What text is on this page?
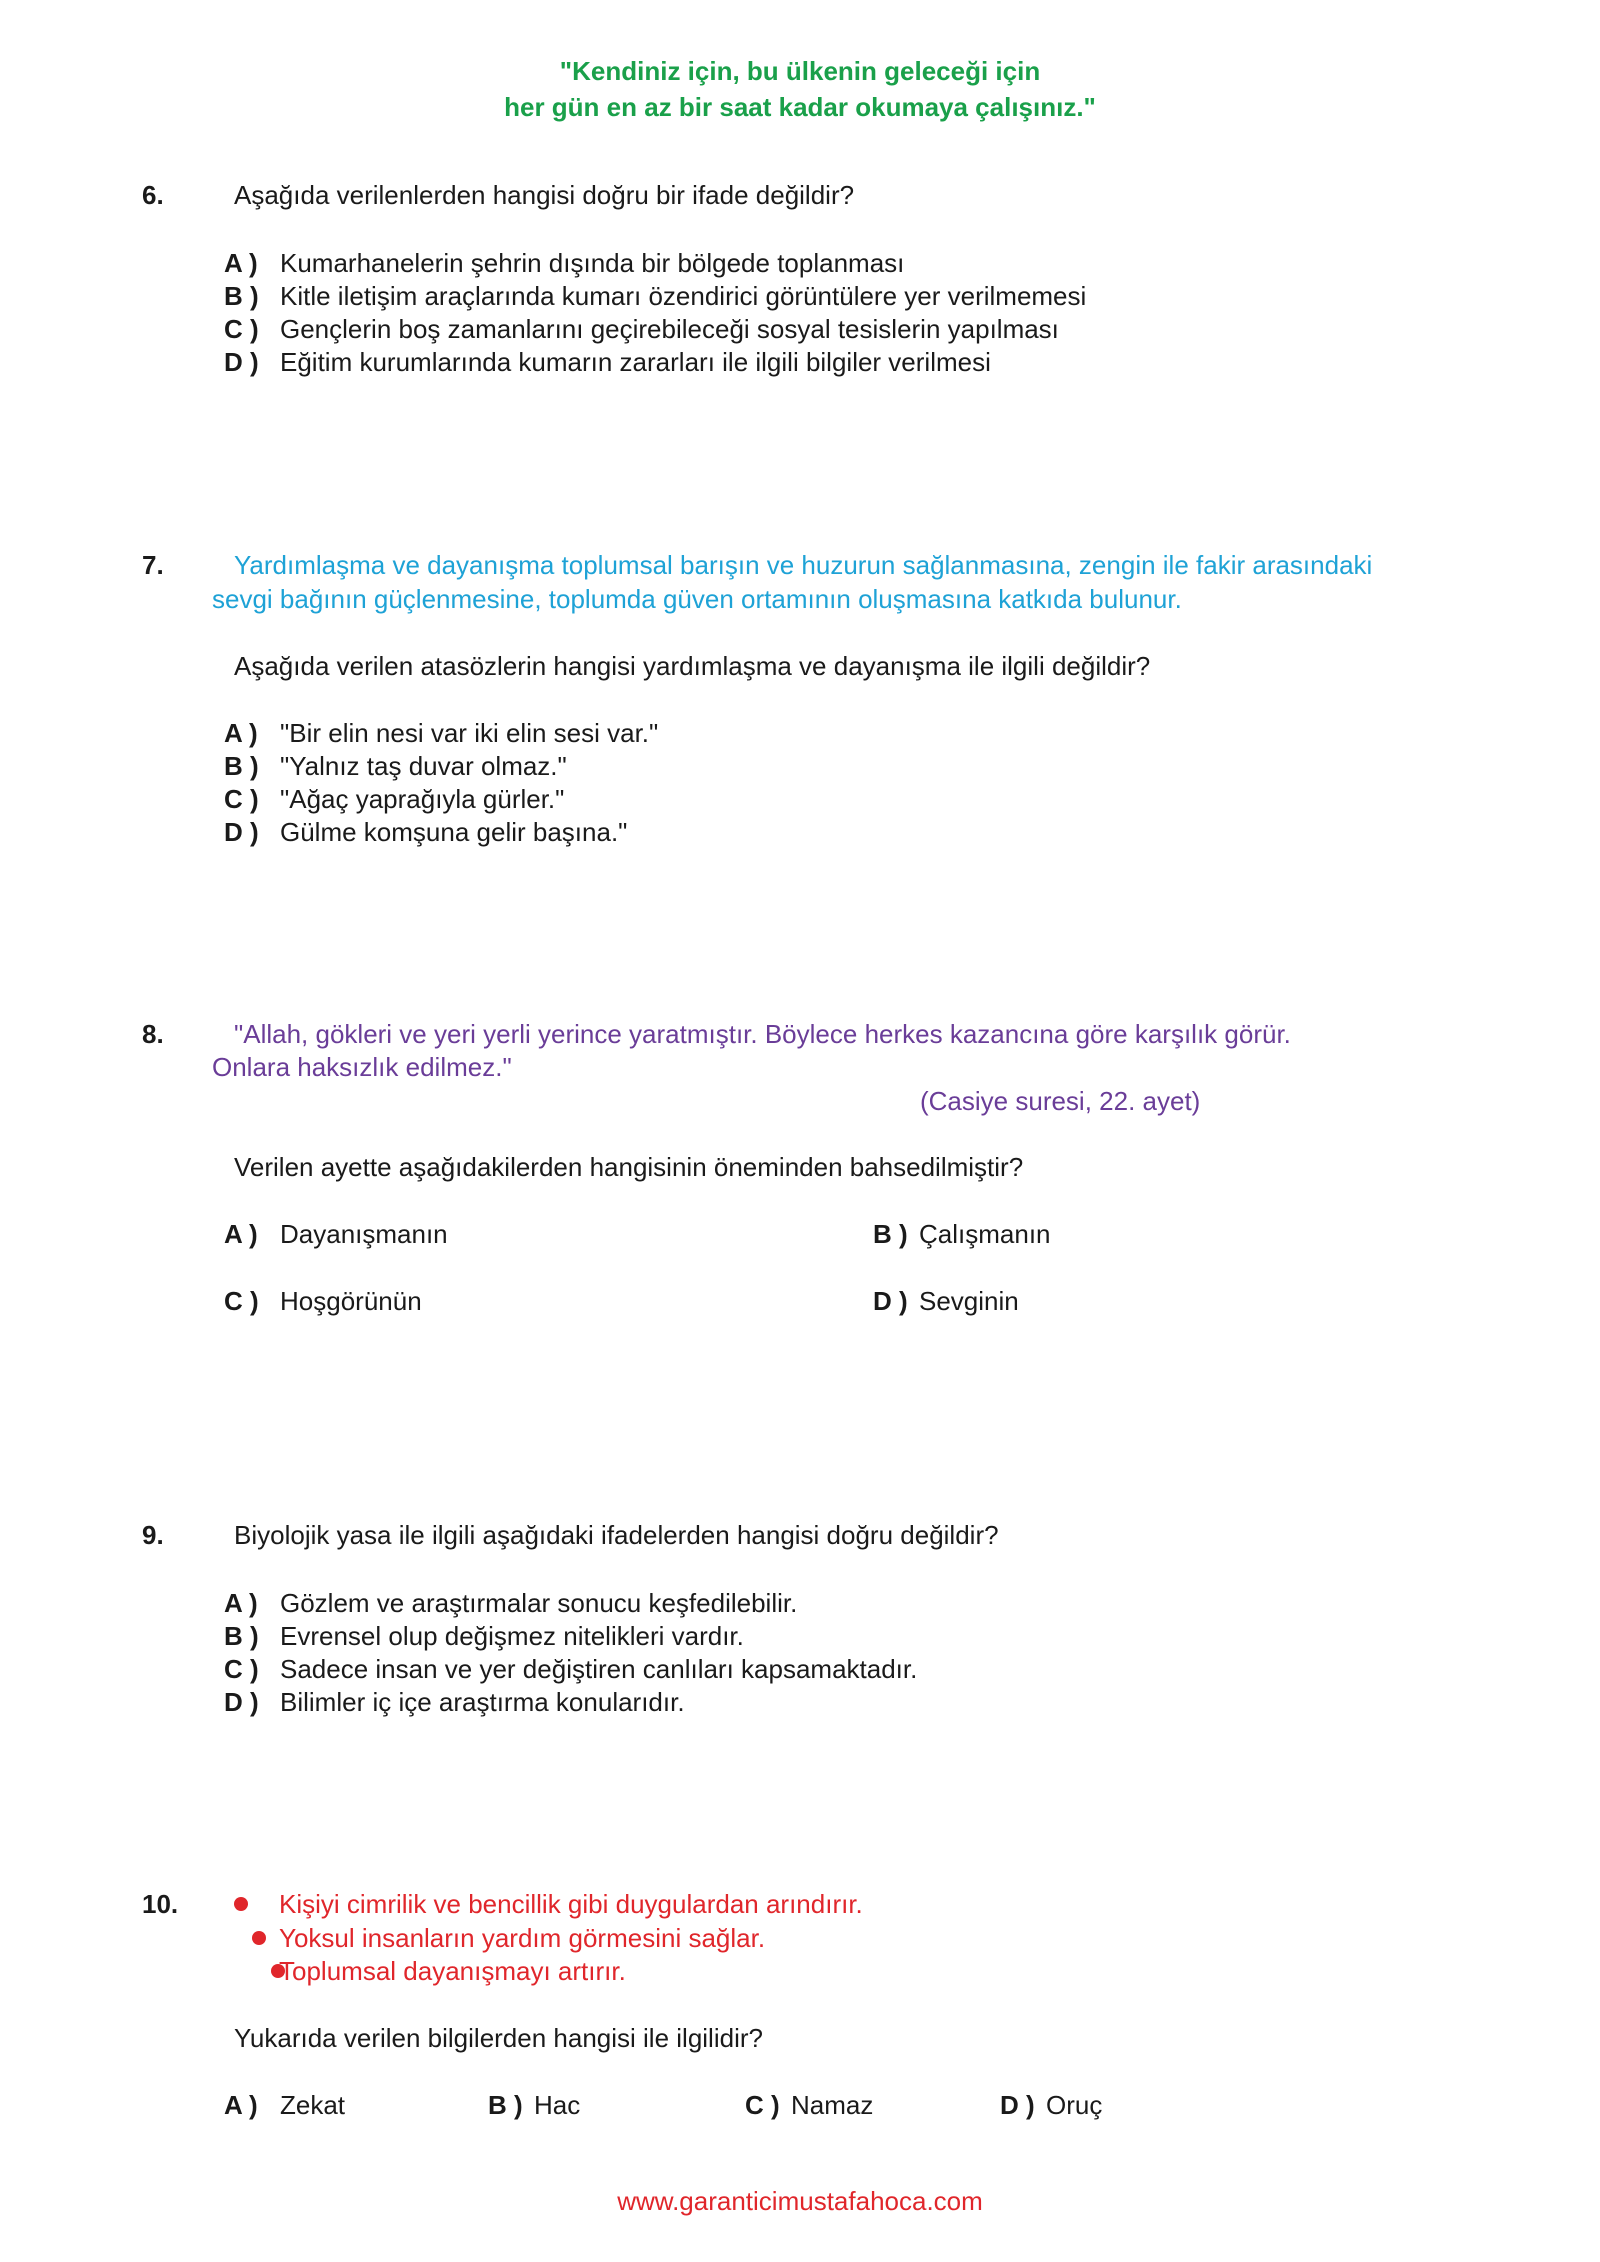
"Kendiniz için, bu ülkenin geleceği için
her gün en az bir saat kadar okumaya çalışınız."
6.	Aşağıda verilenlerden hangisi doğru bir ifade değildir?
A ) Kumarhanelerin şehrin dışında bir bölgede toplanması
B ) Kitle iletişim araçlarında kumarı özendirici görüntülere yer verilmemesi
C ) Gençlerin boş zamanlarını geçirebileceği sosyal tesislerin yapılması
D ) Eğitim kurumlarında kumarın zararları ile ilgili bilgiler verilmesi
7.	Yardımlaşma ve dayanışma toplumsal barışın ve huzurun sağlanmasına, zengin ile fakir arasındaki
sevgi bağının güçlenmesine, toplumda güven ortamının oluşmasına katkıda bulunur.
Aşağıda verilen atasözlerin hangisi yardımlaşma ve dayanışma ile ilgili değildir?
A ) "Bir elin nesi var iki elin sesi var."
B ) "Yalnız taş duvar olmaz."
C ) "Ağaç yaprağıyla gürler."
D ) Gülme komşuna gelir başına."
8.	"Allah, gökleri ve yeri yerli yerince yaratmıştır. Böylece herkes kazancına göre karşılık görür.
Onlara haksızlık edilmez."
(Casiye suresi, 22. ayet)
Verilen ayette aşağıdakilerden hangisinin öneminden bahsedilmiştir?
A ) Dayanışmanın	B ) Çalışmanın
C ) Hoşgörünün	D ) Sevginin
9.	Biyolojik yasa ile ilgili aşağıdaki ifadelerden hangisi doğru değildir?
A ) Gözlem ve araştırmalar sonucu keşfedilebilir.
B ) Evrensel olup değişmez nitelikleri vardır.
C ) Sadece insan ve yer değiştiren canlıları kapsamaktadır.
D ) Bilimler iç içe araştırma konularıdır.
10.
	Kişiyi cimrilik ve bencillik gibi duygulardan arındırır.

Yoksul insanların yardım görmesini sağlar.
Toplumsal dayanışmayı artırır.
Yukarıda verilen bilgilerden hangisi ile ilgilidir?
A ) Zekat	B ) Hac	C ) Namaz	D ) Oruç
www.garanticimustafahoca.com
